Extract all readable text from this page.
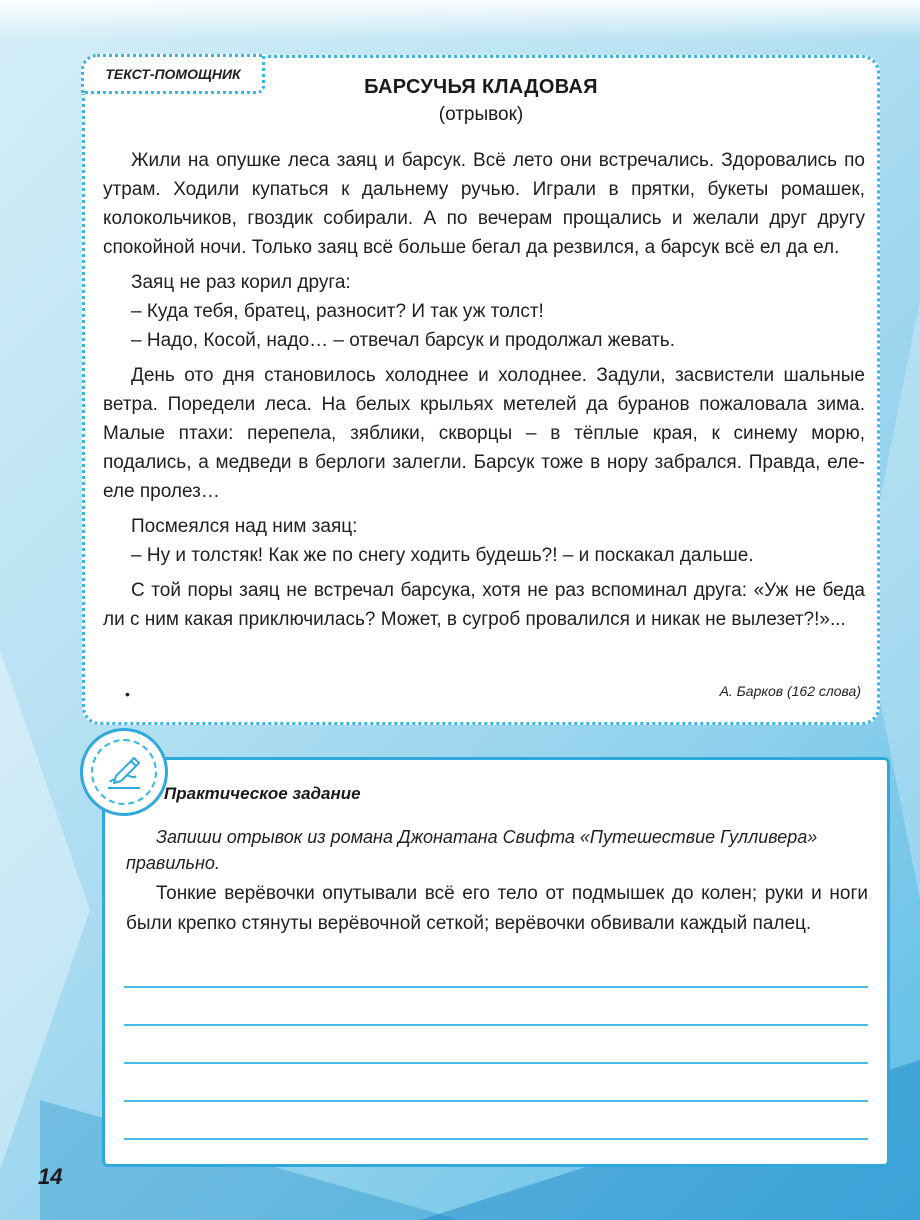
ТЕКСТ-ПОМОЩНИК
БАРСУЧЬЯ КЛАДОВАЯ
(отрывок)

Жили на опушке леса заяц и барсук. Всё лето они встречались. Здоровались по утрам. Ходили купаться к дальнему ручью. Играли в прятки, букеты ромашек, колокольчиков, гвоздик собирали. А по вечерам прощались и желали друг другу спокойной ночи. Только заяц всё больше бегал да резвился, а барсук всё ел да ел.

Заяц не раз корил друга:

– Куда тебя, братец, разносит? И так уж толст!

– Надо, Косой, надо… – отвечал барсук и продолжал жевать.

День ото дня становилось холоднее и холоднее. Задули, засвистели шальные ветра. Поредели леса. На белых крыльях метелей да буранов пожаловала зима. Малые птахи: перепела, зяблики, скворцы – в тёплые края, к синему морю, подались, а медведи в берлоги залегли. Барсук тоже в нору забрался. Правда, еле-еле пролез…

Посмеялся над ним заяц:

– Ну и толстяк! Как же по снегу ходить будешь?! – и поскакал дальше.

С той поры заяц не встречал барсука, хотя не раз вспоминал друга: «Уж не беда ли с ним какая приключилась? Может, в сугроб провалился и никак не вылезет?!»...

•	А. Барков (162 слова)
Практическое задание
Запиши отрывок из романа Джонатана Свифта «Путешествие Гулливера» правильно.

Тонкие верёвочки опутывали всё его тело от подмышек до колен; руки и ноги были крепко стянуты верёвочной сеткой; верёвочки обвивали каждый палец.

14
